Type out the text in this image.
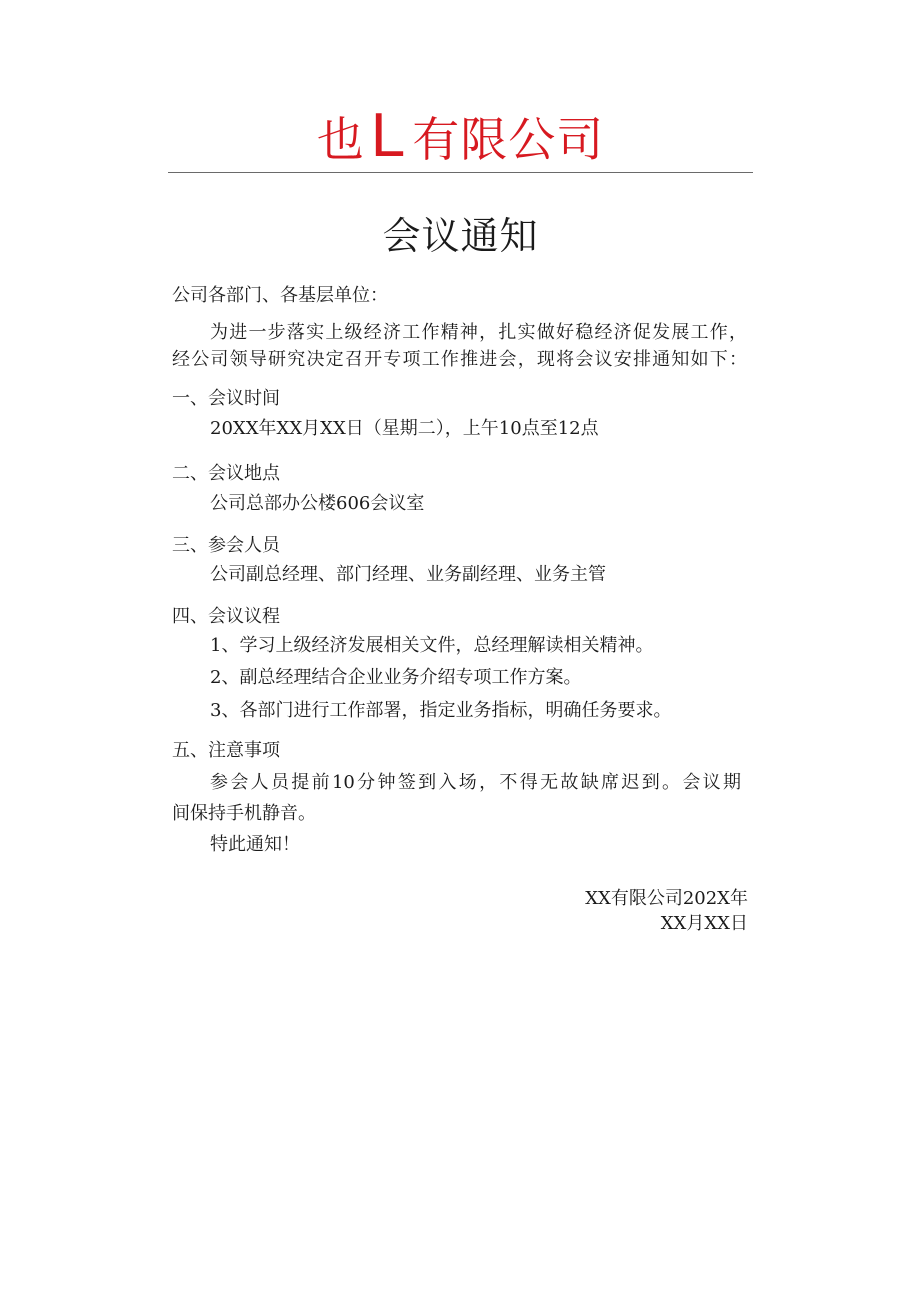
也L 有限公司
会议通知
公司各部门、各基层单位：
为进一步落实上级经济工作精神，扎实做好稳经济促发展工作，
经公司领导研究决定召开专项工作推进会，现将会议安排通知如下：
一、会议时间
20XX年XX月XX日（星期二），上午10点至12点
二、会议地点
公司总部办公楼606会议室
三、参会人员
公司副总经理、部门经理、业务副经理、业务主管
四、会议议程
1、学习上级经济发展相关文件，总经理解读相关精神。
2、副总经理结合企业业务介绍专项工作方案。
3、各部门进行工作部署，指定业务指标，明确任务要求。
五、注意事项
参会人员提前10分钟签到入场，不得无故缺席迟到。会议期
间保持手机静音。
特此通知！
XX有限公司202X年
XX月XX日
